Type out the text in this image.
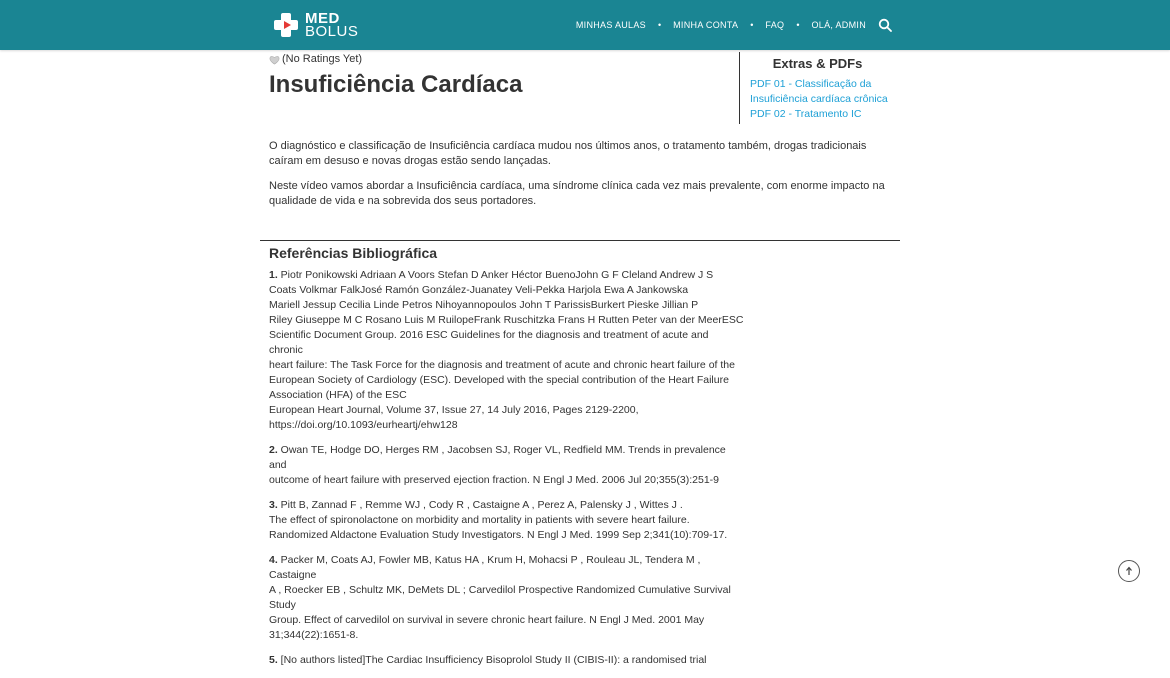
MED
BOLUS	MINHAS AULAS • MINHA CONTA • FAQ • OLÁ, ADMIN
(No Ratings Yet)
Insuficiência Cardíaca

O diagnóstico e classificação de Insuficiência cardíaca mudou nos últimos anos, o tratamento também, drogas tradicionais caíram em desuso e novas drogas estão sendo lançadas.

Neste vídeo vamos abordar a Insuficiência cardíaca, uma síndrome clínica cada vez mais prevalente, com enorme impacto na qualidade de vida e na sobrevida dos seus portadores.

Extras & PDFs
PDF 01 - Classificação da Insuficiência cardíaca crônica
PDF 02 - Tratamento IC
Referências Bibliográfica

1. Piotr Ponikowski Adriaan A Voors Stefan D Anker Héctor BuenoJohn G F Cleland Andrew J S
Coats Volkmar FalkJosé Ramón González-Juanatey Veli-Pekka Harjola Ewa A Jankowska
Mariell Jessup Cecilia Linde Petros Nihoyannopoulos John T ParissisBurkert Pieske Jillian P
Riley Giuseppe M C Rosano Luis M RuilopeFrank Ruschitzka Frans H Rutten Peter van der MeerESC
Scientific Document Group. 2016 ESC Guidelines for the diagnosis and treatment of acute and chronic
heart failure: The Task Force for the diagnosis and treatment of acute and chronic heart failure of the
European Society of Cardiology (ESC). Developed with the special contribution of the Heart Failure
Association (HFA) of the ESC
European Heart Journal, Volume 37, Issue 27, 14 July 2016, Pages 2129-2200,
https://doi.org/10.1093/eurheartj/ehw128

2. Owan TE, Hodge DO, Herges RM , Jacobsen SJ, Roger VL, Redfield MM. Trends in prevalence and
outcome of heart failure with preserved ejection fraction. N Engl J Med. 2006 Jul 20;355(3):251-9

3. Pitt B, Zannad F , Remme WJ , Cody R , Castaigne A , Perez A, Palensky J , Wittes J .
The effect of spironolactone on morbidity and mortality in patients with severe heart failure.
Randomized Aldactone Evaluation Study Investigators. N Engl J Med. 1999 Sep 2;341(10):709-17.

4. Packer M, Coats AJ, Fowler MB, Katus HA , Krum H, Mohacsi P , Rouleau JL, Tendera M , Castaigne
A , Roecker EB , Schultz MK, DeMets DL ; Carvedilol Prospective Randomized Cumulative Survival Study
Group. Effect of carvedilol on survival in severe chronic heart failure. N Engl J Med. 2001 May
31;344(22):1651-8.

5. [No authors listed]The Cardiac Insufficiency Bisoprolol Study II (CIBIS-II): a randomised trial
